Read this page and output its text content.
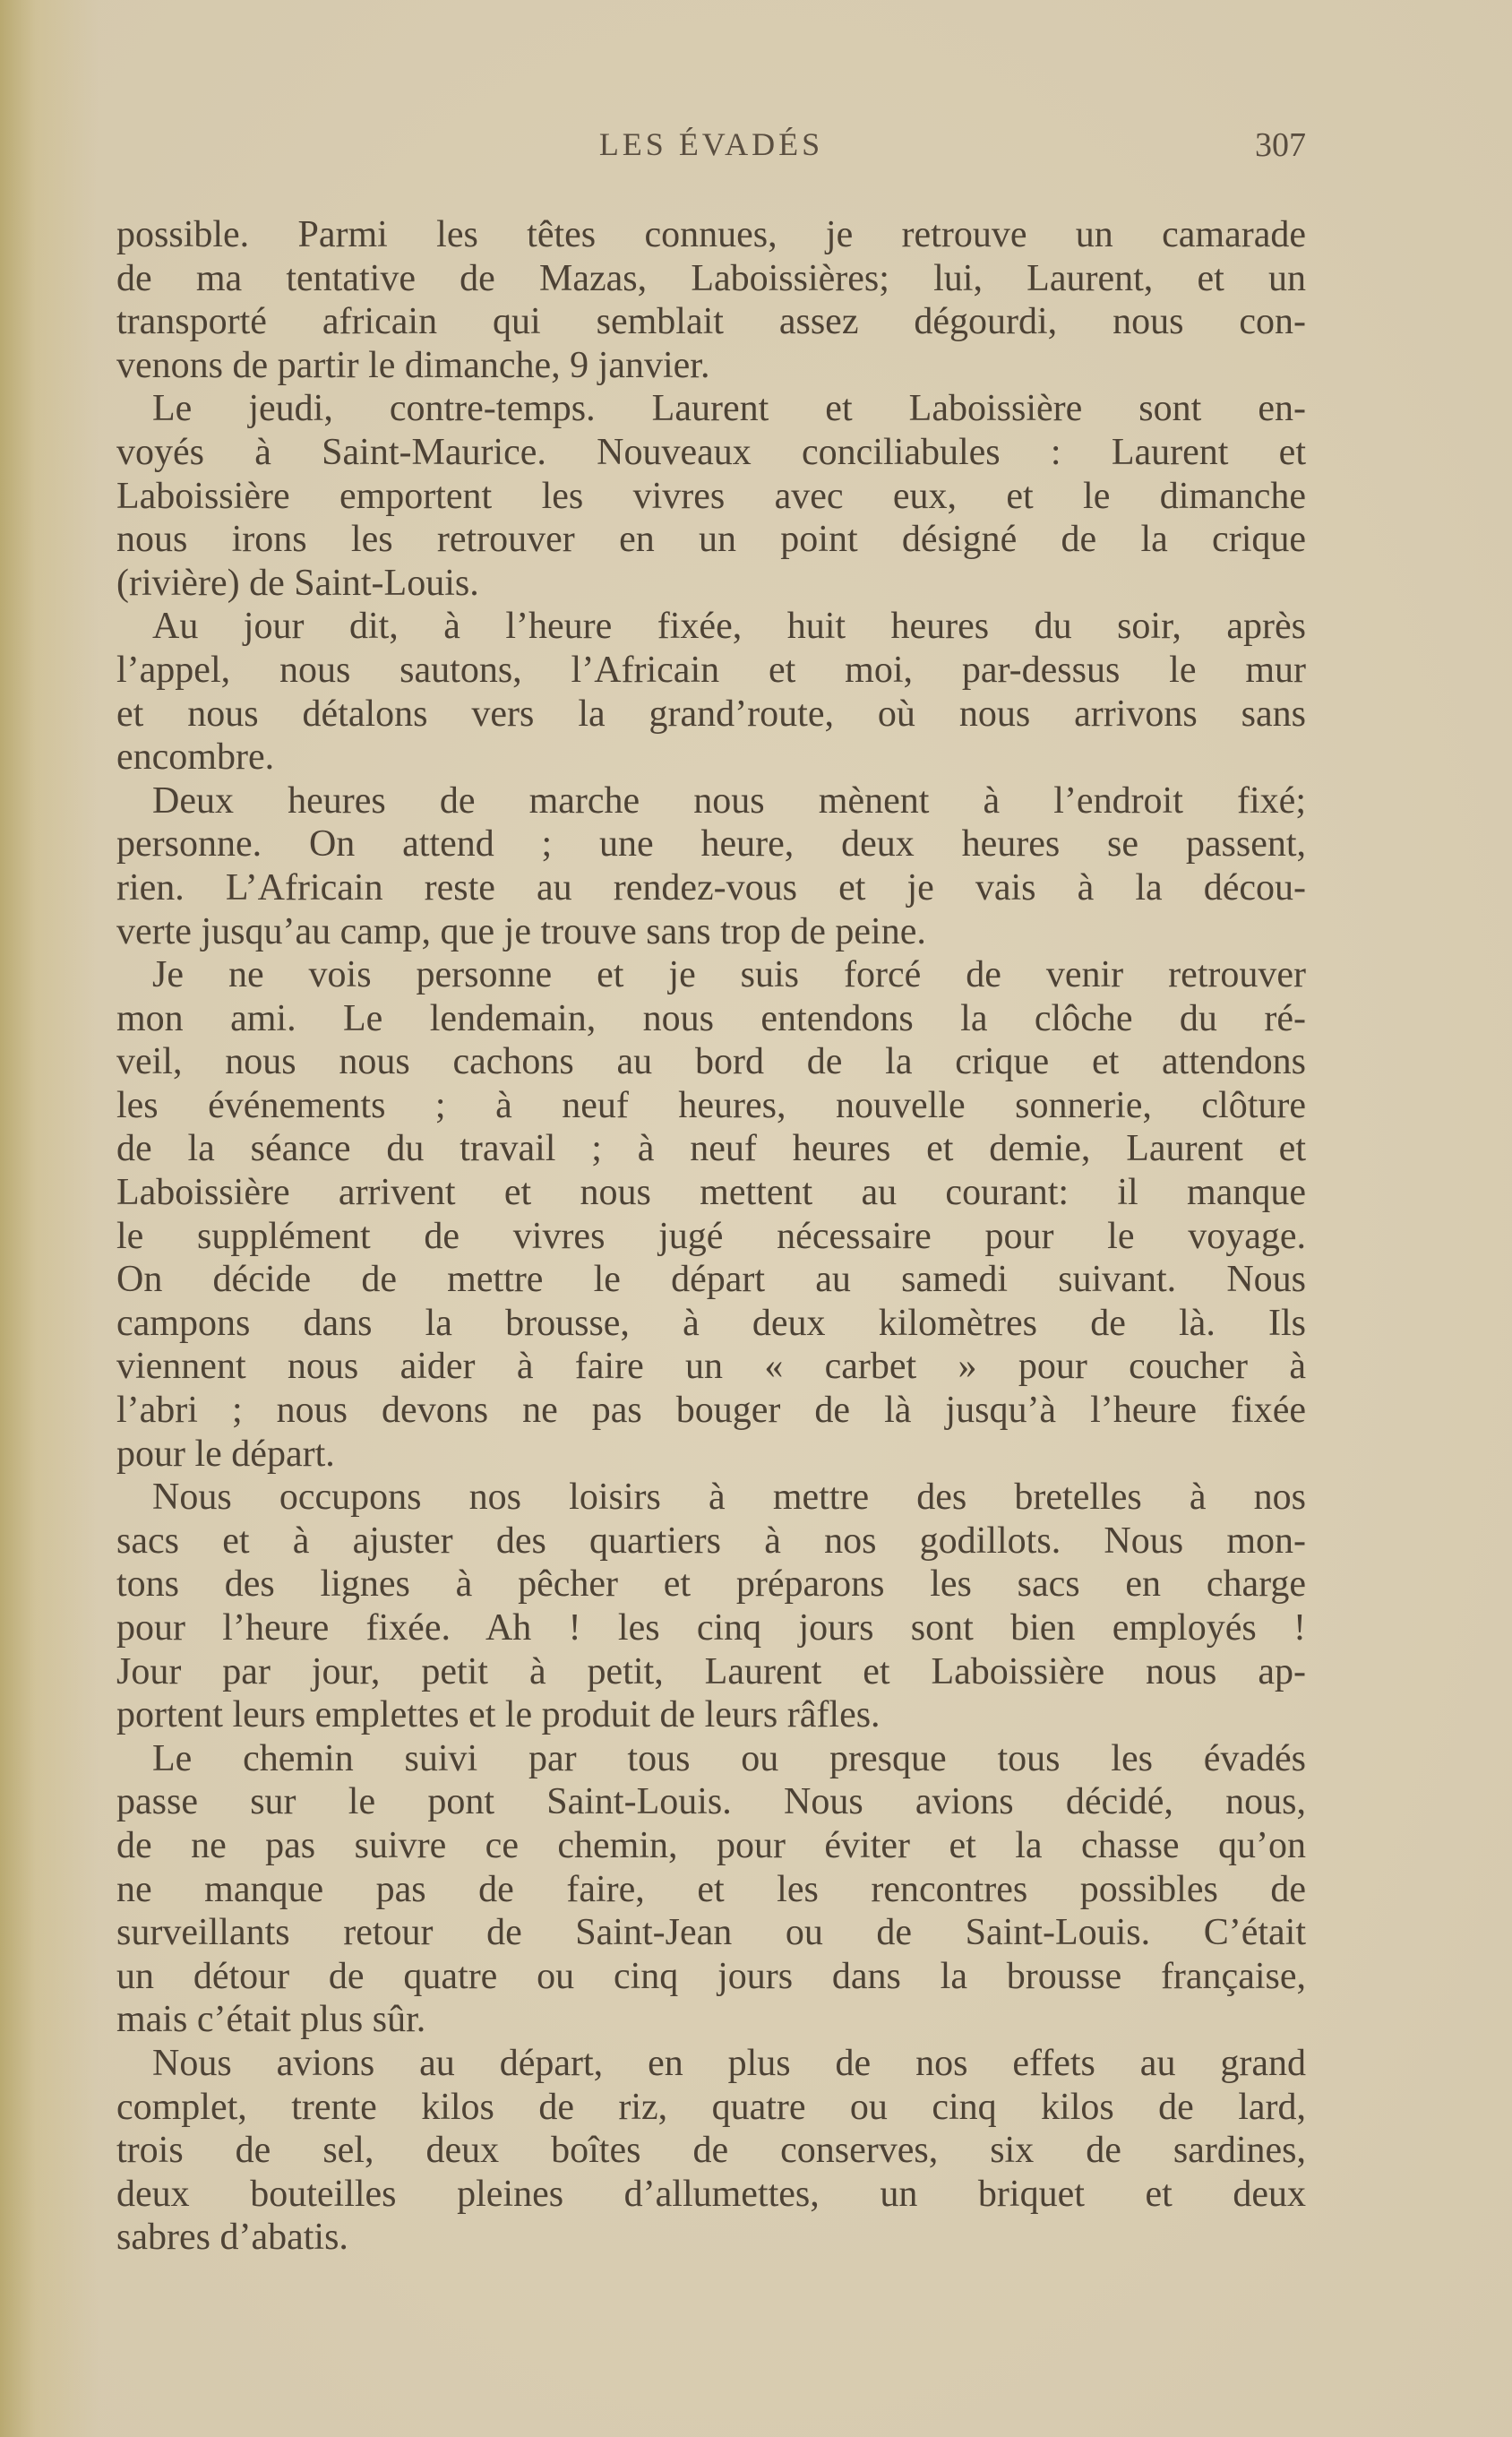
LES ÉVADÉS	307
possible. Parmi les têtes connues, je retrouve un camarade
de ma tentative de Mazas, Laboissières; lui, Laurent, et un
transporté africain qui semblait assez dégourdi, nous con-
venons de partir le dimanche, 9 janvier.
Le jeudi, contre-temps. Laurent et Laboissière sont en-
voyés à Saint-Maurice. Nouveaux conciliabules : Laurent et
Laboissière emportent les vivres avec eux, et le dimanche
nous irons les retrouver en un point désigné de la crique
(rivière) de Saint-Louis.
Au jour dit, à l’heure fixée, huit heures du soir, après
l’appel, nous sautons, l’Africain et moi, par-dessus le mur
et nous détalons vers la grand’route, où nous arrivons sans
encombre.
Deux heures de marche nous mènent à l’endroit fixé;
personne. On attend ; une heure, deux heures se passent,
rien. L’Africain reste au rendez-vous et je vais à la décou-
verte jusqu’au camp, que je trouve sans trop de peine.
Je ne vois personne et je suis forcé de venir retrouver
mon ami. Le lendemain, nous entendons la clôche du ré-
veil, nous nous cachons au bord de la crique et attendons
les événements ; à neuf heures, nouvelle sonnerie, clôture
de la séance du travail ; à neuf heures et demie, Laurent et
Laboissière arrivent et nous mettent au courant: il manque
le supplément de vivres jugé nécessaire pour le voyage.
On décide de mettre le départ au samedi suivant. Nous
campons dans la brousse, à deux kilomètres de là. Ils
viennent nous aider à faire un « carbet » pour coucher à
l’abri ; nous devons ne pas bouger de là jusqu’à l’heure fixée
pour le départ.
Nous occupons nos loisirs à mettre des bretelles à nos
sacs et à ajuster des quartiers à nos godillots. Nous mon-
tons des lignes à pêcher et préparons les sacs en charge
pour l’heure fixée. Ah ! les cinq jours sont bien employés !
Jour par jour, petit à petit, Laurent et Laboissière nous ap-
portent leurs emplettes et le produit de leurs râfles.
Le chemin suivi par tous ou presque tous les évadés
passe sur le pont Saint-Louis. Nous avions décidé, nous,
de ne pas suivre ce chemin, pour éviter et la chasse qu’on
ne manque pas de faire, et les rencontres possibles de
surveillants retour de Saint-Jean ou de Saint-Louis. C’était
un détour de quatre ou cinq jours dans la brousse française,
mais c’était plus sûr.
Nous avions au départ, en plus de nos effets au grand
complet, trente kilos de riz, quatre ou cinq kilos de lard,
trois de sel, deux boîtes de conserves, six de sardines,
deux bouteilles pleines d’allumettes, un briquet et deux
sabres d’abatis.
